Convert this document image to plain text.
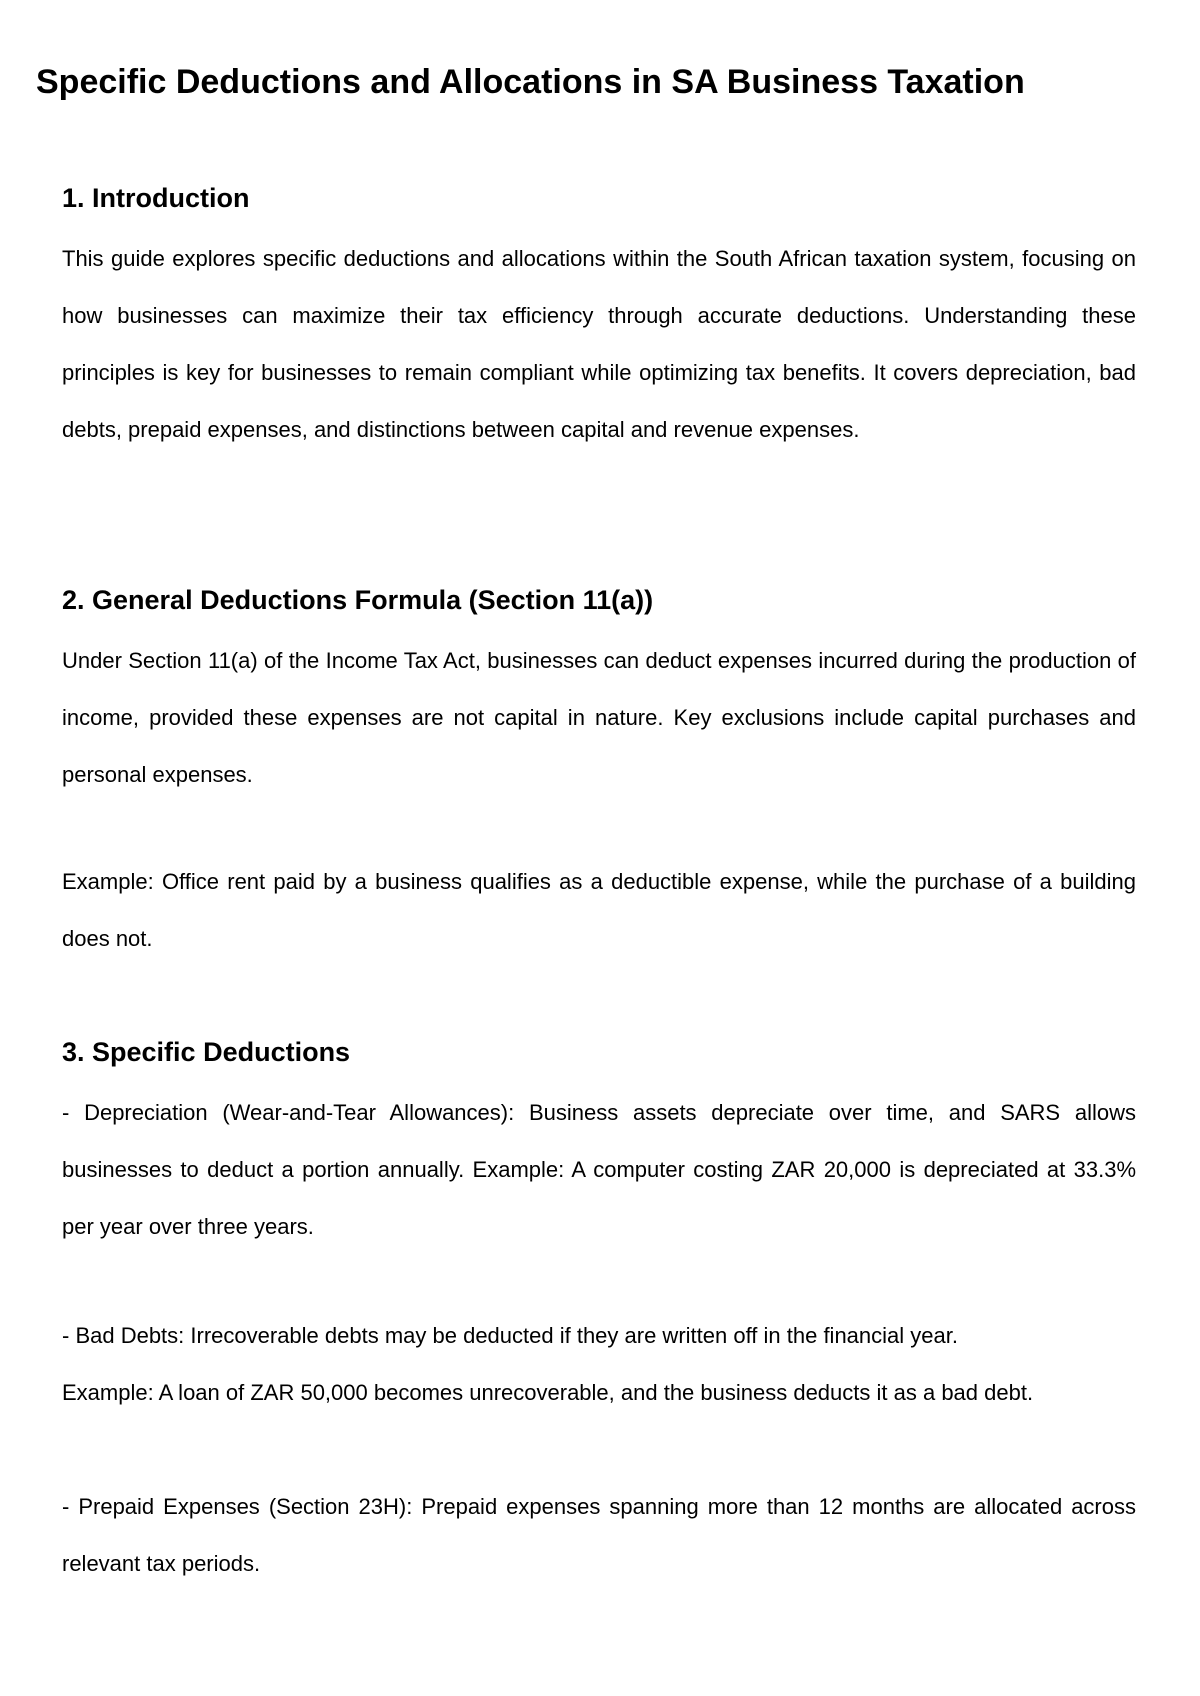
Specific Deductions and Allocations in SA Business Taxation
1. Introduction

This guide explores specific deductions and allocations within the South African taxation system, focusing on how businesses can maximize their tax efficiency through accurate deductions. Understanding these principles is key for businesses to remain compliant while optimizing tax benefits. It covers depreciation, bad debts, prepaid expenses, and distinctions between capital and revenue expenses.

2. General Deductions Formula (Section 11(a))

Under Section 11(a) of the Income Tax Act, businesses can deduct expenses incurred during the production of income, provided these expenses are not capital in nature. Key exclusions include capital purchases and personal expenses.

Example: Office rent paid by a business qualifies as a deductible expense, while the purchase of a building does not.

3. Specific Deductions

- Depreciation (Wear-and-Tear Allowances): Business assets depreciate over time, and SARS allows businesses to deduct a portion annually. Example: A computer costing ZAR 20,000 is depreciated at 33.3% per year over three years.

- Bad Debts: Irrecoverable debts may be deducted if they are written off in the financial year.

Example: A loan of ZAR 50,000 becomes unrecoverable, and the business deducts it as a bad debt.

- Prepaid Expenses (Section 23H): Prepaid expenses spanning more than 12 months are allocated across relevant tax periods.
